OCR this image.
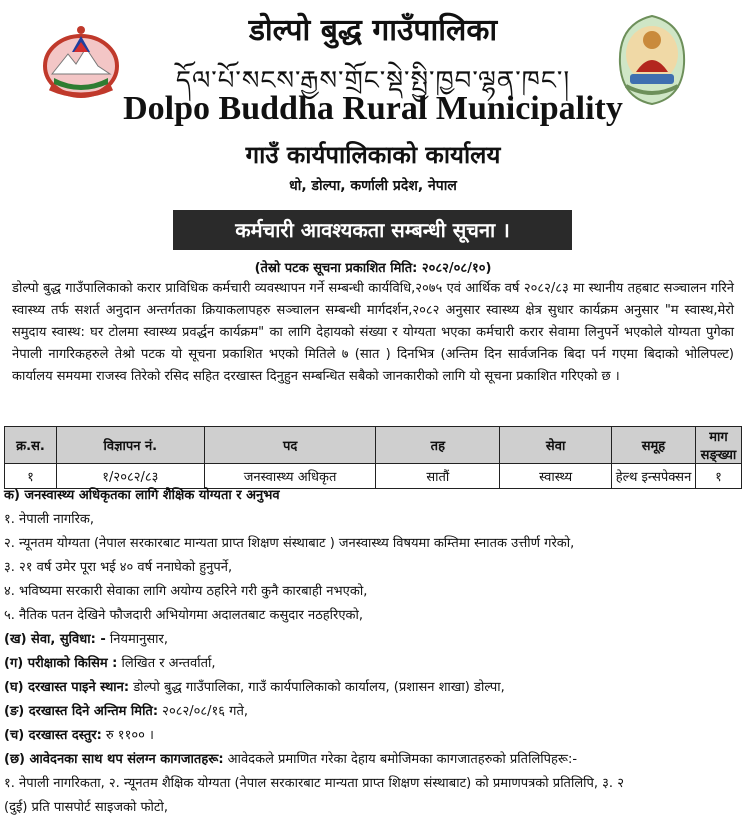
डोल्पो बुद्ध गाउँपालिका
དོལ་པོ་སངས་རྒྱས་གྲོང་སྡེ་སྤྱི་ཁྱབ་ལྷན་ཁང་།
Dolpo Buddha Rural Municipality
गाउँ कार्यपालिकाको कार्यालय
धो, डोल्पा, कर्णाली प्रदेश, नेपाल
कर्मचारी आवश्यकता सम्बन्धी सूचना ।
(तेस्रो पटक सूचना प्रकाशित मिति: २०८२/०८/१०)
डोल्पो बुद्ध गाउँपालिकाको करार प्राविधिक कर्मचारी व्यवस्थापन गर्ने सम्बन्धी कार्यविधि,२०७५ एवं आर्थिक वर्ष २०८२/८३ मा स्थानीय तहबाट सञ्चालन गरिने स्वास्थ्य तर्फ सशर्त अनुदान अन्तर्गतका क्रियाकलापहरु सञ्चालन सम्बन्धी मार्गदर्शन,२०८२ अनुसार स्वास्थ्य क्षेत्र सुधार कार्यक्रम अनुसार "म स्वास्थ,मेरो समुदाय स्वास्थ: घर टोलमा स्वास्थ्य प्रवर्द्धन कार्यक्रम" का लागि देहायको संख्या र योग्यता भएका कर्मचारी करार सेवामा लिनुपर्ने भएकोले योग्यता पुगेका नेपाली नागरिकहरुले तेश्रो पटक यो सूचना प्रकाशित भएको मितिले ७ (सात ) दिनभित्र (अन्तिम दिन सार्वजनिक बिदा पर्न गएमा बिदाको भोलिपल्ट) कार्यालय समयमा राजस्व तिरेको रसिद सहित दरखास्त दिनुहुन सम्बन्धित सबैको जानकारीको लागि यो सूचना प्रकाशित गरिएको छ ।
क्र.स.	विज्ञापन नं.	पद	तह	सेवा	समूह	माग सङ्ख्या
१	१/२०८२/८३	जनस्वास्थ्य अधिकृत	सातौं	स्वास्थ्य	हेल्थ इन्सपेक्सन	१
क) जनस्वास्थ्य अधिकृतका लागि शैक्षिक योग्यता र अनुभव
१. नेपाली नागरिक,
२. न्यूनतम योग्यता (नेपाल सरकारबाट मान्यता प्राप्त शिक्षण संस्थाबाट ) जनस्वास्थ्य विषयमा कम्तिमा स्नातक उत्तीर्ण गरेको,
३. २१ वर्ष उमेर पूरा भई ४० वर्ष ननाघेको हुनुपर्ने,
४. भविष्यमा सरकारी सेवाका लागि अयोग्य ठहरिने गरी कुनै कारबाही नभएको,
५. नैतिक पतन देखिने फौजदारी अभियोगमा अदालतबाट कसुदार नठहरिएको,
(ख) सेवा, सुविधा: - नियमानुसार,
(ग) परीक्षाको किसिम : लिखित र अन्तर्वार्ता,
(घ) दरखास्त पाइने स्थान: डोल्पो बुद्ध गाउँपालिका, गाउँ कार्यपालिकाको कार्यालय, (प्रशासन शाखा) डोल्पा,
(ङ) दरखास्त दिने अन्तिम मिति: २०८२/०८/१६ गते,
(च) दरखास्त दस्तुर: रु ११०० ।
(छ) आवेदनका साथ थप संलग्न कागजातहरू: आवेदकले प्रमाणित गरेका देहाय बमोजिमका कागजातहरुको प्रतिलिपिहरू:-
१. नेपाली नागरिकता, २. न्यूनतम शैक्षिक योग्यता (नेपाल सरकारबाट मान्यता प्राप्त शिक्षण संस्थाबाट) को प्रमाणपत्रको प्रतिलिपि, ३. २
(दुई) प्रति पासपोर्ट साइजको फोटो,
